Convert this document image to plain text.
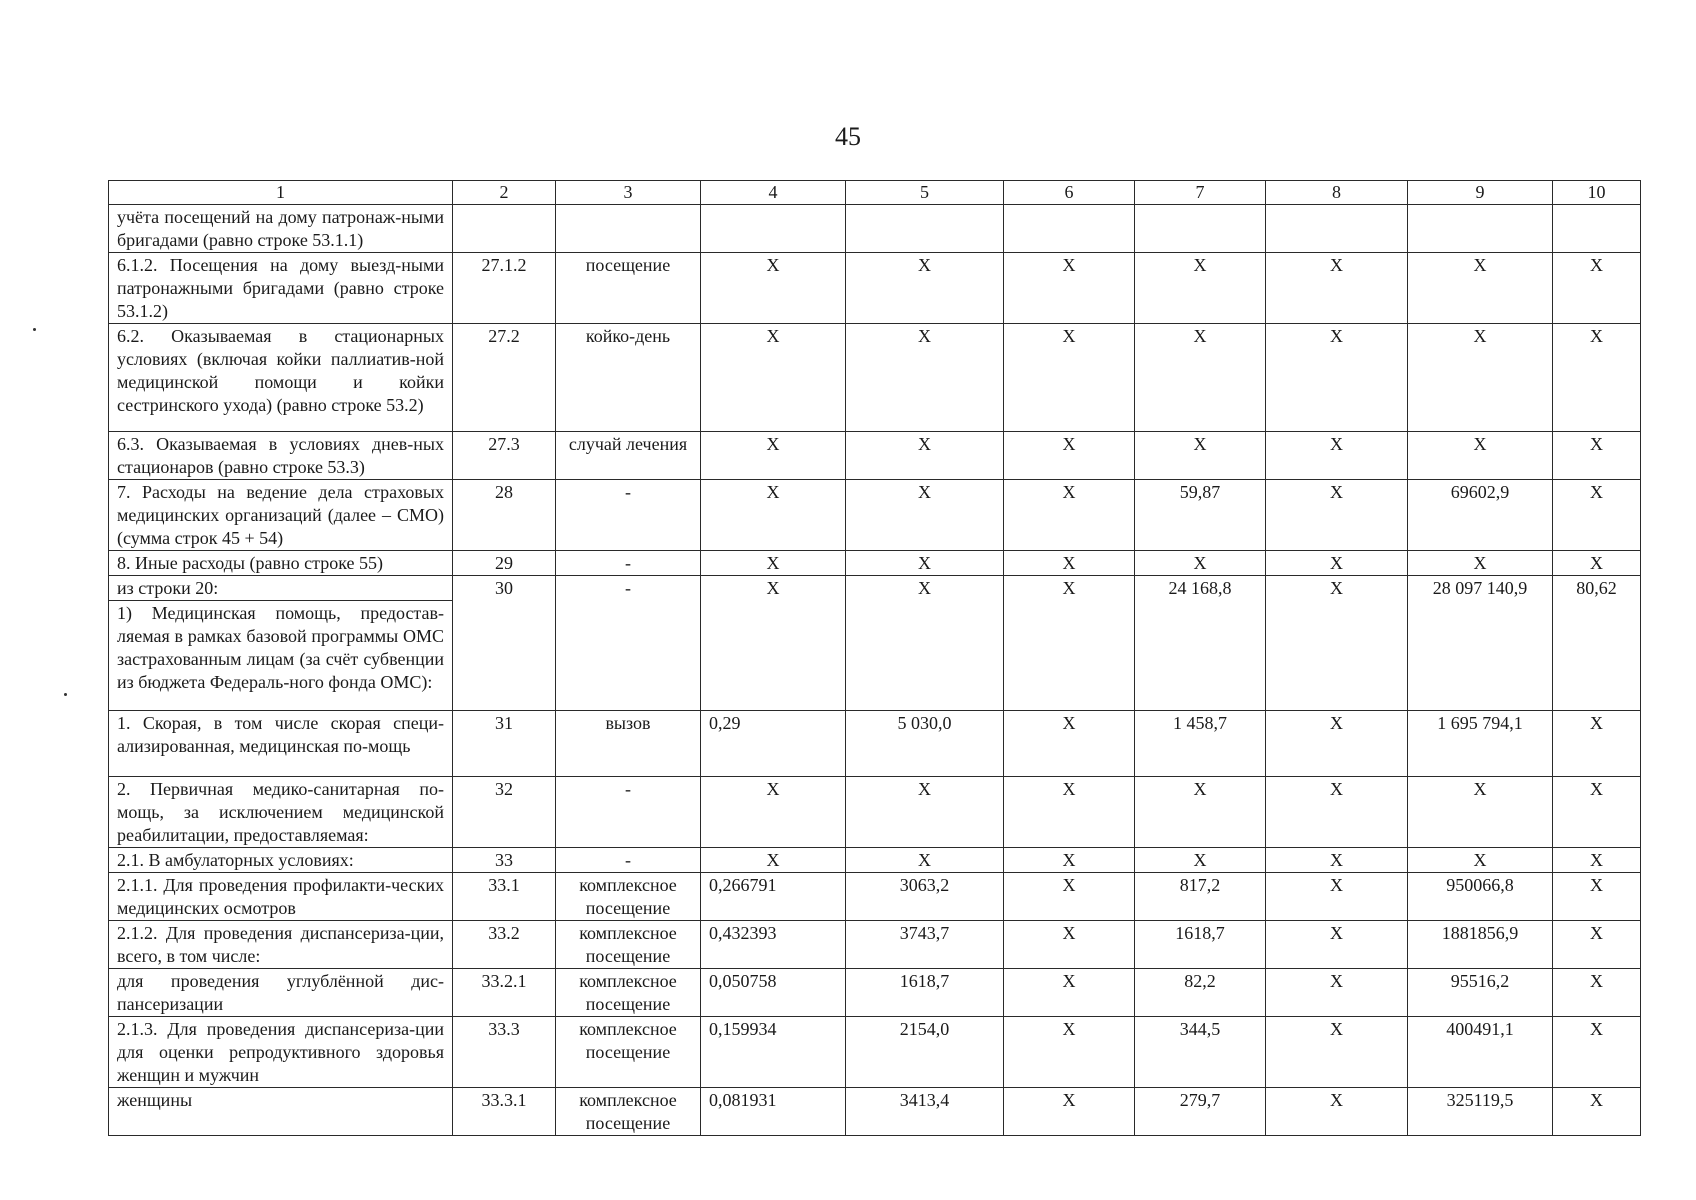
45
1	2	3	4	5	6	7	8	9	10
учёта посещений на дому патронаж-ными бригадами (равно строке 53.1.1)									
6.1.2. Посещения на дому выезд-ными патронажными бригадами (равно строке 53.1.2)	27.1.2	посещение	X	X	X	X	X	X	X
6.2. Оказываемая в стационарных условиях (включая койки паллиатив-ной медицинской помощи и койки сестринского ухода) (равно строке 53.2)	27.2	койко-день	X	X	X	X	X	X	X
6.3. Оказываемая в условиях днев-ных стационаров (равно строке 53.3)	27.3	случай лечения	X	X	X	X	X	X	X
7. Расходы на ведение дела страховых медицинских организаций (далее – СМО) (сумма строк 45 + 54)	28	-	X	X	X	59,87	X	69602,9	X
8. Иные расходы (равно строке 55)	29	-	X	X	X	X	X	X	X
из строки 20:	30	-	X	X	X	24 168,8	X	28 097 140,9	80,62
1) Медицинская помощь, предостав-ляемая в рамках базовой программы ОМС застрахованным лицам (за счёт субвенции из бюджета Федераль-ного фонда ОМС):									
1. Скорая, в том числе скорая специ-ализированная, медицинская по-мощь	31	вызов	0,29	5 030,0	X	1 458,7	X	1 695 794,1	X
2. Первичная медико-санитарная по-мощь, за исключением медицинской реабилитации, предоставляемая:	32	-	X	X	X	X	X	X	X
2.1. В амбулаторных условиях:	33	-	X	X	X	X	X	X	X
2.1.1. Для проведения профилакти-ческих медицинских осмотров	33.1	комплексное посещение	0,266791	3063,2	X	817,2	X	950066,8	X
2.1.2. Для проведения диспансериза-ции, всего, в том числе:	33.2	комплексное посещение	0,432393	3743,7	X	1618,7	X	1881856,9	X
для проведения углублённой дис-пансеризации	33.2.1	комплексное посещение	0,050758	1618,7	X	82,2	X	95516,2	X
2.1.3. Для проведения диспансериза-ции для оценки репродуктивного здоровья женщин и мужчин	33.3	комплексное посещение	0,159934	2154,0	X	344,5	X	400491,1	X
женщины	33.3.1	комплексное посещение	0,081931	3413,4	X	279,7	X	325119,5	X
